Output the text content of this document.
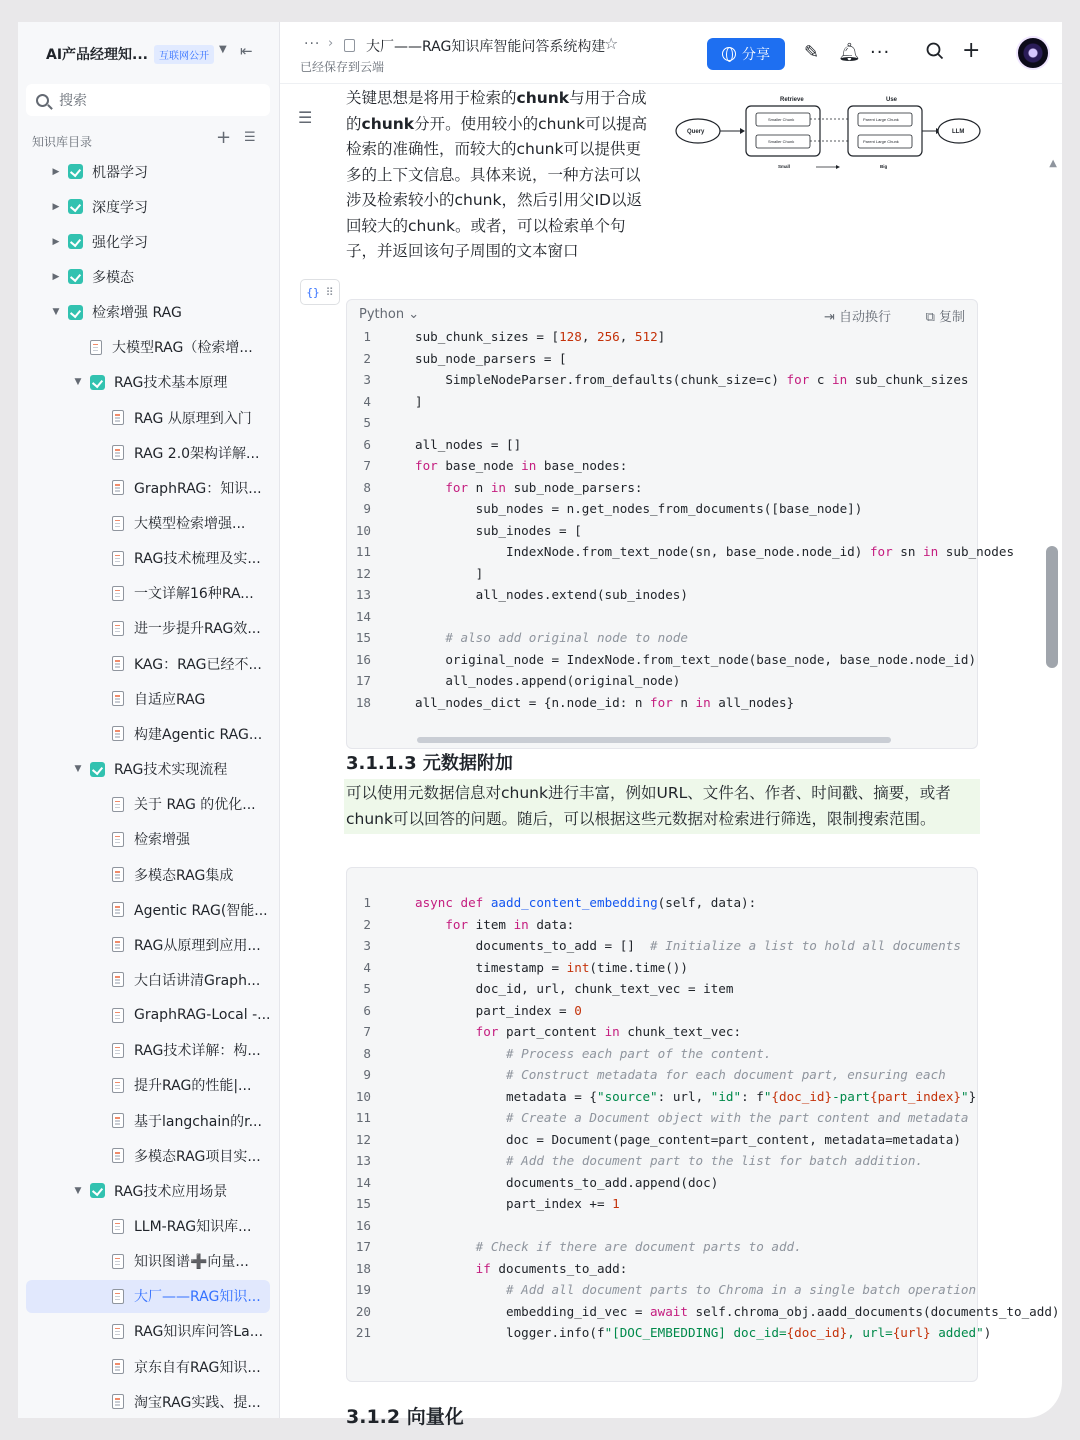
AI产品经理知...	互联网公开
▼ ⇤
搜索
知识库目录	+ ☰
▶ 机器学习
▶ 深度学习
▶ 强化学习
▶ 多模态
▼ 检索增强 RAG
大模型RAG（检索增...
▼ RAG技术基本原理
RAG 从原理到入门
RAG 2.0架构详解...
GraphRAG：知识...
大模型检索增强...
RAG技术梳理及实...
一文详解16种RA...
进一步提升RAG效...
KAG：RAG已经不...
自适应RAG
构建Agentic RAG...
▼ RAG技术实现流程
关于 RAG 的优化...
检索增强
多模态RAG集成
Agentic RAG(智能...
RAG从原理到应用...
大白话讲清Graph...
GraphRAG-Local -...
RAG技术详解：构...
提升RAG的性能|...
基于langchain的r...
多模态RAG项目实...
▼ RAG技术应用场景
LLM-RAG知识库...
知识图谱➕向量...
大厂——RAG知识...
RAG知识库问答La...
京东自有RAG知识...
淘宝RAG实践、提...
··· › 大厂——RAG知识库智能问答系统构建
☆
已经保存到云端
分享 ✎ 🔔︎ ···	+
☰
关键思想是将用于检索的chunk与用于合成的chunk分开。使用较小的chunk可以提高检索的准确性，而较大的chunk可以提供更多的上下文信息。具体来说，一种方法可以涉及检索较小的chunk，然后引用父ID以返回较大的chunk。或者，可以检索单个句子，并返回该句子周围的文本窗口
Retrieve	Use
Query
Smaller Chunk
Smaller Chunk
Parent Large Chunk
Parent Large Chunk
LLM
Small	Big
{} ⠿
Python ⌄	⇥ 自动换行	⧉ 复制
1	sub_chunk_sizes = [128, 256, 512]
2	sub_node_parsers = [
3	SimpleNodeParser.from_defaults(chunk_size=c) for c in sub_chunk_sizes
4	]
5
6	all_nodes = []
7	for base_node in base_nodes:
8	for n in sub_node_parsers:
9	sub_nodes = n.get_nodes_from_documents([base_node])
10	sub_inodes = [
11	IndexNode.from_text_node(sn, base_node.node_id) for sn in sub_nodes
12	]
13	all_nodes.extend(sub_inodes)
14
15	# also add original node to node
16	original_node = IndexNode.from_text_node(base_node, base_node.node_id)
17	all_nodes.append(original_node)
18	all_nodes_dict = {n.node_id: n for n in all_nodes}
3.1.1.3 元数据附加
可以使用元数据信息对chunk进行丰富，例如URL、文件名、作者、时间戳、摘要，或者chunk可以回答的问题。随后，可以根据这些元数据对检索进行筛选，限制搜索范围。
1	async def aadd_content_embedding(self, data):
2	for item in data:
3	documents_to_add = []  # Initialize a list to hold all documents
4	timestamp = int(time.time())
5	doc_id, url, chunk_text_vec = item
6	part_index = 0
7	for part_content in chunk_text_vec:
8	# Process each part of the content.
9	# Construct metadata for each document part, ensuring each
10	metadata = {"source": url, "id": f"{doc_id}-part{part_index}"}
11	# Create a Document object with the part content and metadata
12	doc = Document(page_content=part_content, metadata=metadata)
13	# Add the document part to the list for batch addition.
14	documents_to_add.append(doc)
15	part_index += 1
16
17	# Check if there are document parts to add.
18	if documents_to_add:
19	# Add all document parts to Chroma in a single batch operation
20	embedding_id_vec = await self.chroma_obj.aadd_documents(documents_to_add)
21	logger.info(f"[DOC_EMBEDDING] doc_id={doc_id}, url={url} added")
3.1.2 向量化
▲
